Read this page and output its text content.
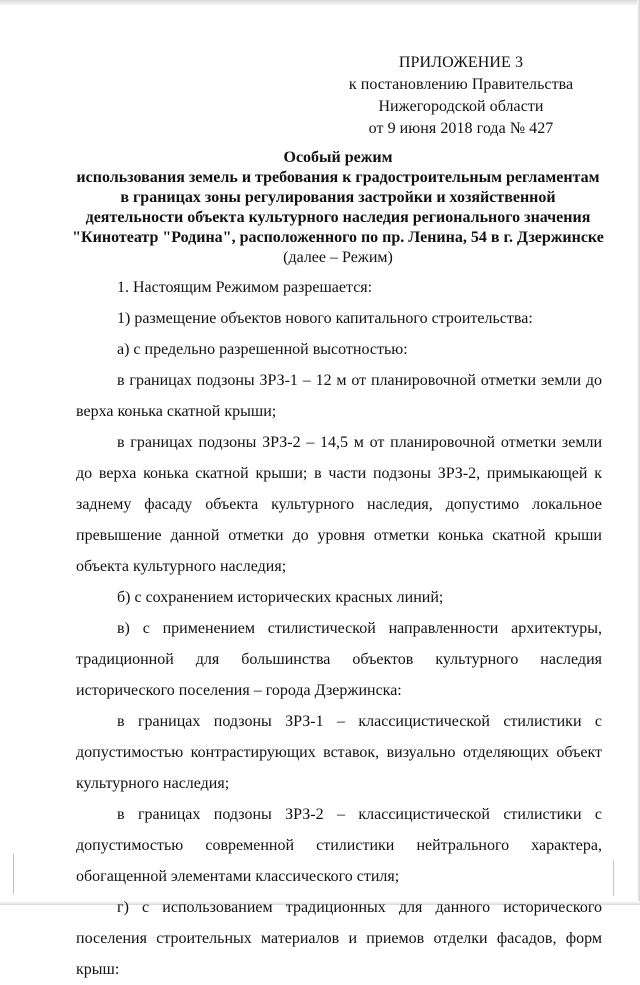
ПРИЛОЖЕНИЕ 3
к постановлению Правительства
Нижегородской области
от 9 июня 2018 года № 427
Особый режим
использования земель и требования к градостроительным регламентам
в границах зоны регулирования застройки и хозяйственной
деятельности объекта культурного наследия регионального значения
"Кинотеатр "Родина", расположенного по пр. Ленина, 54 в г. Дзержинске
(далее – Режим)

1. Настоящим Режимом разрешается:

1) размещение объектов нового капитального строительства:

а) с предельно разрешенной высотностью:

в границах подзоны ЗРЗ-1 – 12 м от планировочной отметки земли до верха конька скатной крыши;

в границах подзоны ЗРЗ-2 – 14,5 м от планировочной отметки земли до верха конька скатной крыши; в части подзоны ЗРЗ-2, примыкающей к заднему фасаду объекта культурного наследия, допустимо локальное превышение данной отметки до уровня отметки конька скатной крыши объекта культурного наследия;

б) с сохранением исторических красных линий;

в) с применением стилистической направленности архитектуры, традиционной для большинства объектов культурного наследия исторического поселения – города Дзержинска:

в границах подзоны ЗРЗ-1 – классицистической стилистики с допустимостью контрастирующих вставок, визуально отделяющих объект культурного наследия;

в границах подзоны ЗРЗ-2 – классицистической стилистики с допустимостью современной стилистики нейтрального характера, обогащенной элементами классического стиля;

г) с использованием традиционных для данного исторического поселения строительных материалов и приемов отделки фасадов, форм крыш:
